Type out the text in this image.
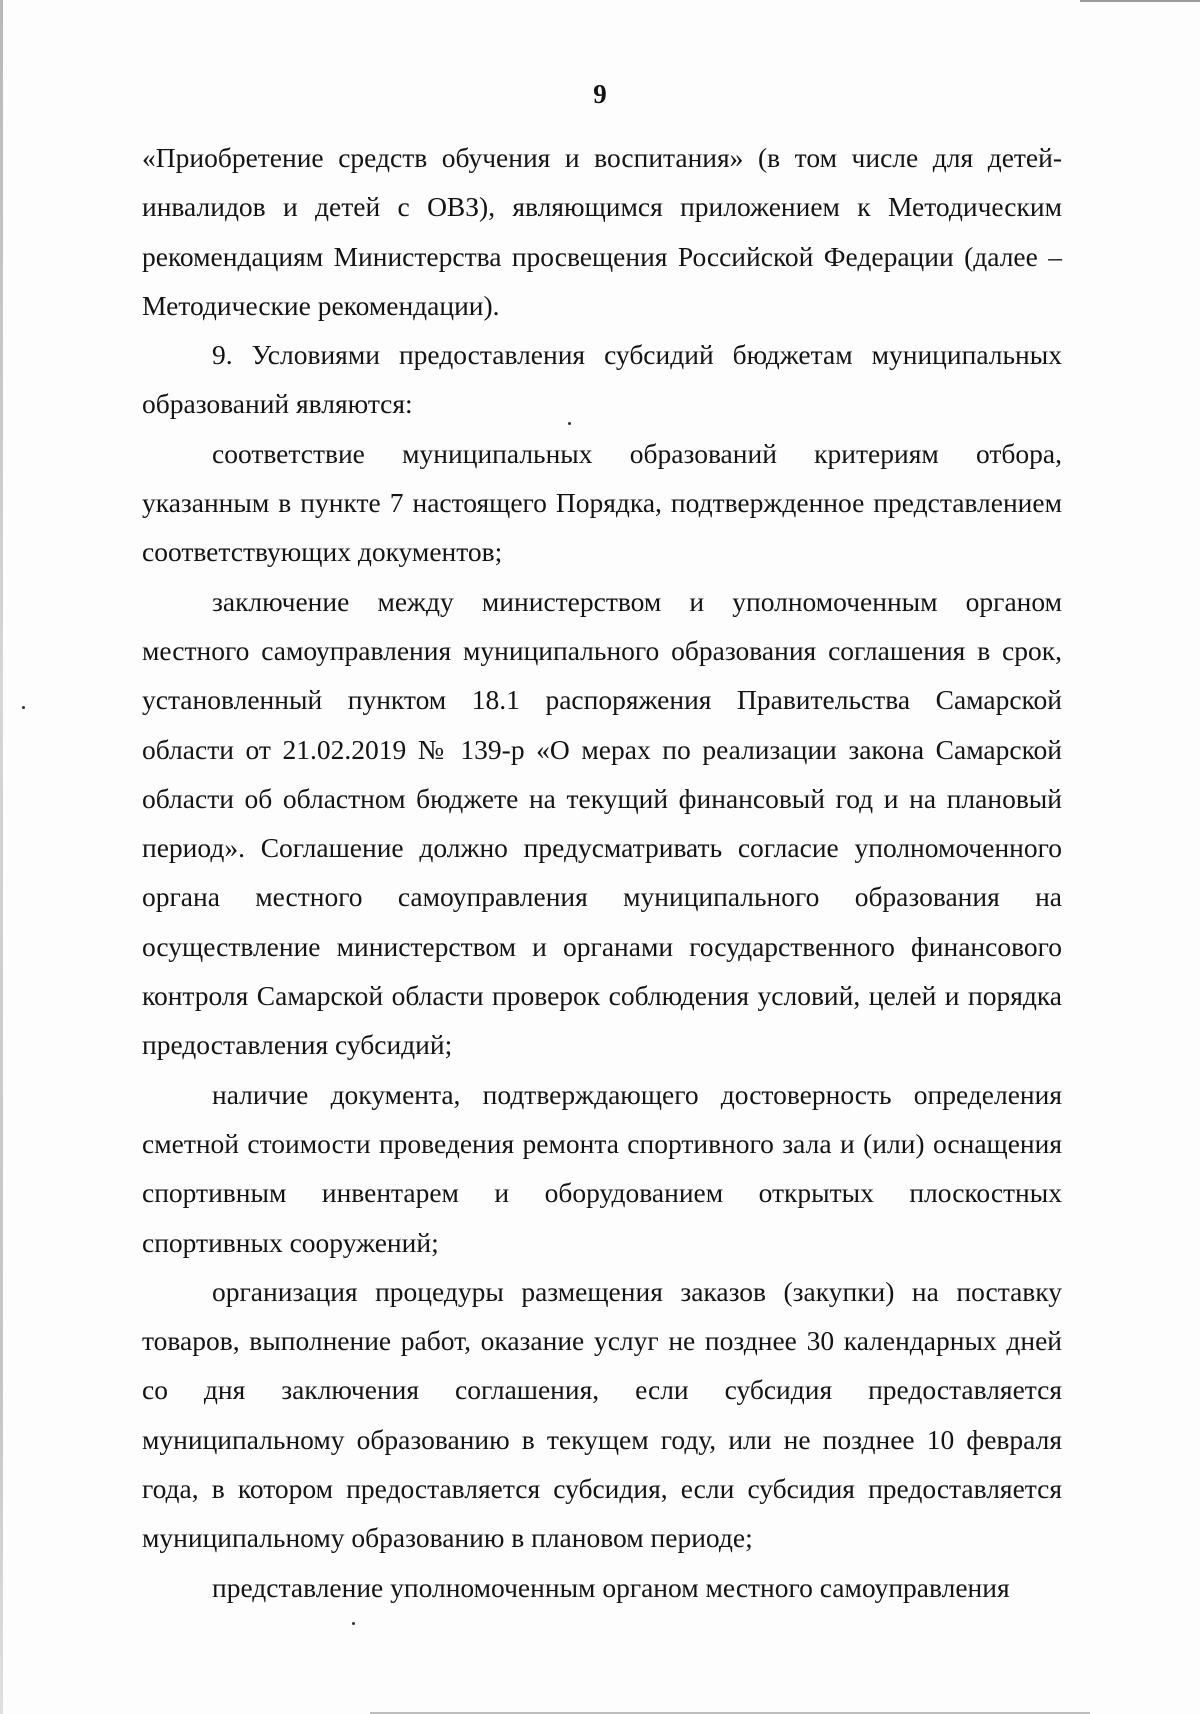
9

«Приобретение средств обучения и воспитания» (в том числе для детей-инвалидов и детей с ОВЗ), являющимся приложением к Методическим рекомендациям Министерства просвещения Российской Федерации (далее – Методические рекомендации).

9. Условиями предоставления субсидий бюджетам муниципальных образований являются:

соответствие муниципальных образований критериям отбора, указанным в пункте 7 настоящего Порядка, подтвержденное представлением соответствующих документов;

заключение между министерством и уполномоченным органом местного самоуправления муниципального образования соглашения в срок, установленный пунктом 18.1 распоряжения Правительства Самарской области от 21.02.2019 № 139-р «О мерах по реализации закона Самарской области об областном бюджете на текущий финансовый год и на плановый период». Соглашение должно предусматривать согласие уполномоченного органа местного самоуправления муниципального образования на осуществление министерством и органами государственного финансового контроля Самарской области проверок соблюдения условий, целей и порядка предоставления субсидий;

наличие документа, подтверждающего достоверность определения сметной стоимости проведения ремонта спортивного зала и (или) оснащения спортивным инвентарем и оборудованием открытых плоскостных спортивных сооружений;

организация процедуры размещения заказов (закупки) на поставку товаров, выполнение работ, оказание услуг не позднее 30 календарных дней со дня заключения соглашения, если субсидия предоставляется муниципальному образованию в текущем году, или не позднее 10 февраля года, в котором предоставляется субсидия, если субсидия предоставляется муниципальному образованию в плановом периоде;

представление уполномоченным органом местного самоуправления
